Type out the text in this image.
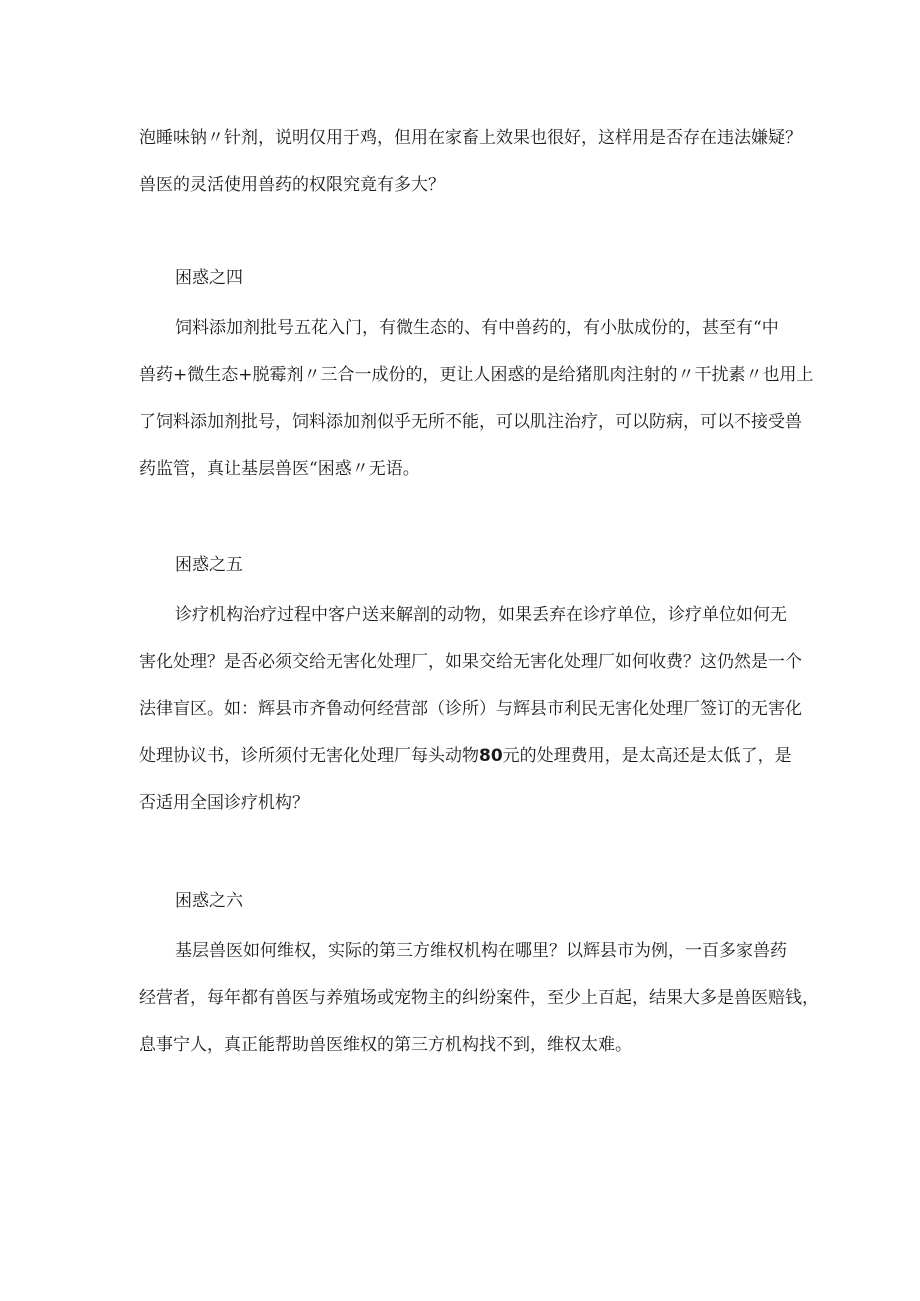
泡睡味钠〃针剂，说明仅用于鸡，但用在家畜上效果也很好，这样用是否存在违法嫌疑？
兽医的灵活使用兽药的权限究竟有多大？
困惑之四
饲料添加剂批号五花入门，有微生态的、有中兽药的，有小肽成份的，甚至有“中
兽药+微生态+脱霉剂〃三合一成份的，更让人困惑的是给猪肌肉注射的〃干扰素〃也用上
了饲料添加剂批号，饲料添加剂似乎无所不能，可以肌注治疗，可以防病，可以不接受兽
药监管，真让基层兽医“困惑〃无语。
困惑之五
诊疗机构治疗过程中客户送来解剖的动物，如果丢弃在诊疗单位，诊疗单位如何无
害化处理？是否必须交给无害化处理厂，如果交给无害化处理厂如何收费？这仍然是一个
法律盲区。如：辉县市齐鲁动何经营部（诊所）与辉县市利民无害化处理厂签订的无害化
处理协议书，诊所须付无害化处理厂每头动物80元的处理费用，是太高还是太低了，是
否适用全国诊疗机构？
困惑之六
基层兽医如何维权，实际的第三方维权机构在哪里？以辉县市为例，一百多家兽药
经营者，每年都有兽医与养殖场或宠物主的纠纷案件，至少上百起，结果大多是兽医赔钱，
息事宁人，真正能帮助兽医维权的第三方机构找不到，维权太难。
